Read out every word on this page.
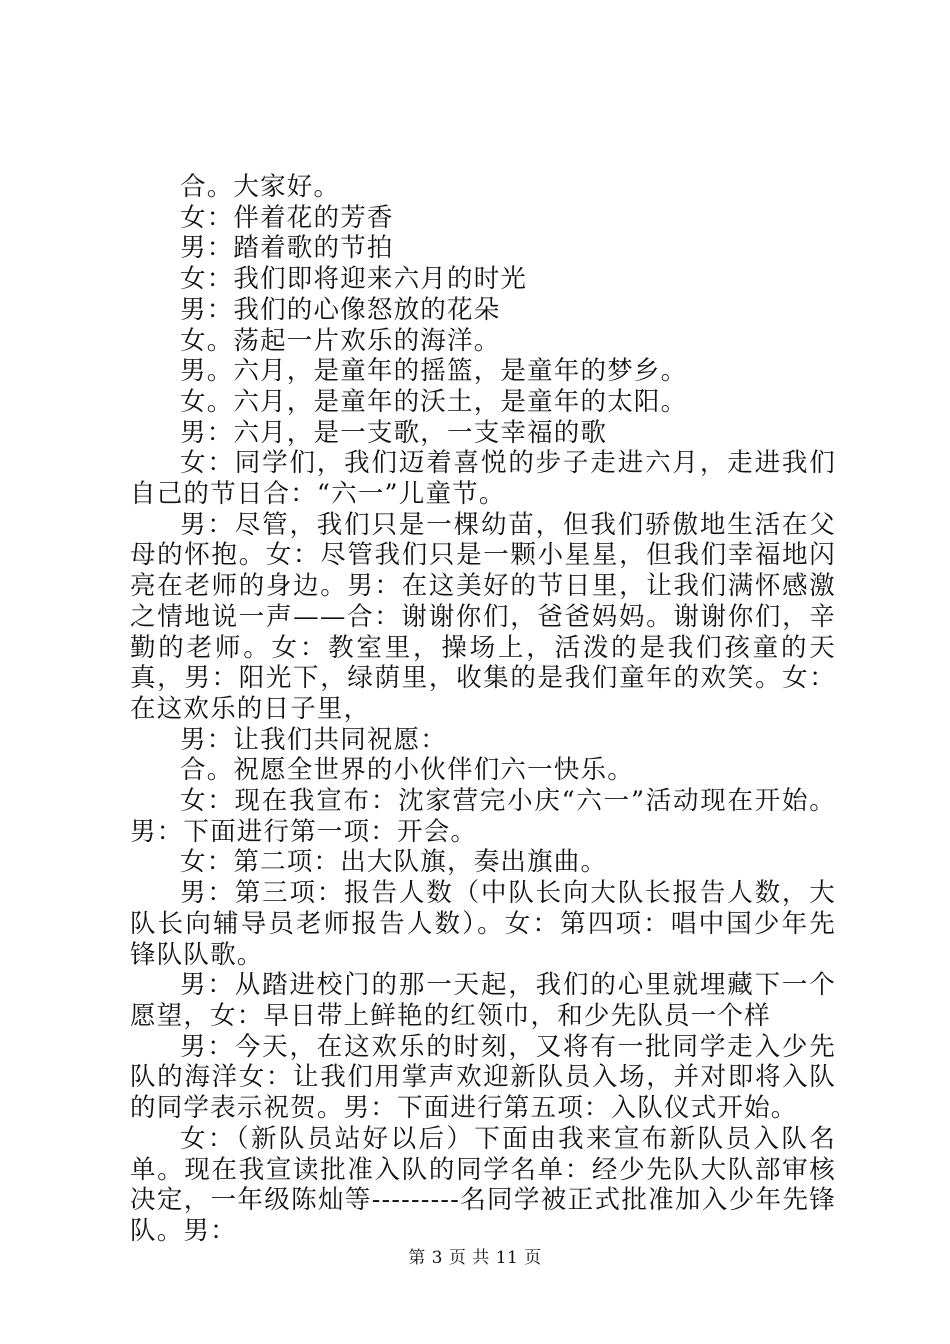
合。大家好。

女：伴着花的芳香

男：踏着歌的节拍

女：我们即将迎来六月的时光

男：我们的心像怒放的花朵

女。荡起一片欢乐的海洋。

男。六月，是童年的摇篮，是童年的梦乡。

女。六月，是童年的沃土，是童年的太阳。

男：六月，是一支歌，一支幸福的歌

女：同学们，我们迈着喜悦的步子走进六月，走进我们自己的节日合：“六一”儿童节。

男：尽管，我们只是一棵幼苗，但我们骄傲地生活在父母的怀抱。女：尽管我们只是一颗小星星，但我们幸福地闪亮在老师的身边。男：在这美好的节日里，让我们满怀感激之情地说一声——合：谢谢你们，爸爸妈妈。谢谢你们，辛勤的老师。女：教室里，操场上，活泼的是我们孩童的天真，男：阳光下，绿荫里，收集的是我们童年的欢笑。女：在这欢乐的日子里，

男：让我们共同祝愿：

合。祝愿全世界的小伙伴们六一快乐。

女：现在我宣布：沈家营完小庆“六一”活动现在开始。男：下面进行第一项：开会。

女：第二项：出大队旗，奏出旗曲。

男：第三项：报告人数（中队长向大队长报告人数，大队长向辅导员老师报告人数）。女：第四项：唱中国少年先锋队队歌。

男：从踏进校门的那一天起，我们的心里就埋藏下一个愿望，女：早日带上鲜艳的红领巾，和少先队员一个样

男：今天，在这欢乐的时刻，又将有一批同学走入少先队的海洋女：让我们用掌声欢迎新队员入场，并对即将入队的同学表示祝贺。男：下面进行第五项：入队仪式开始。

女：（新队员站好以后）下面由我来宣布新队员入队名单。现在我宣读批准入队的同学名单：经少先队大队部审核决定，一年级陈灿等---------名同学被正式批准加入少年先锋队。男：

第 3 页 共 11 页
